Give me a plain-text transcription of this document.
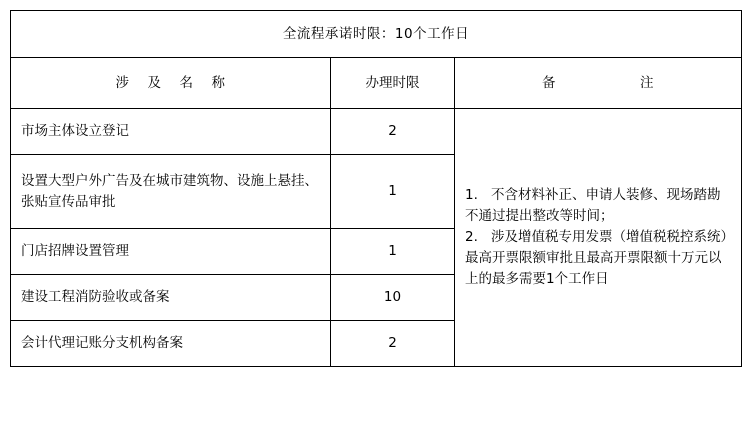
全流程承诺时限：10个工作日		
涉 及 名 称	办理时限	备 注
市场主体设立登记	2	1. 不含材料补正、申请人装修、现场踏勘不通过提出整改等时间；

2. 涉及增值税专用发票（增值税税控系统）最高开票限额审批且最高开票限额十万元以上的最多需要1个工作日

设置大型户外广告及在城市建筑物、设施上悬挂、张贴宣传品审批	1	
门店招牌设置管理	1	
建设工程消防验收或备案	10	
会计代理记账分支机构备案	2	
